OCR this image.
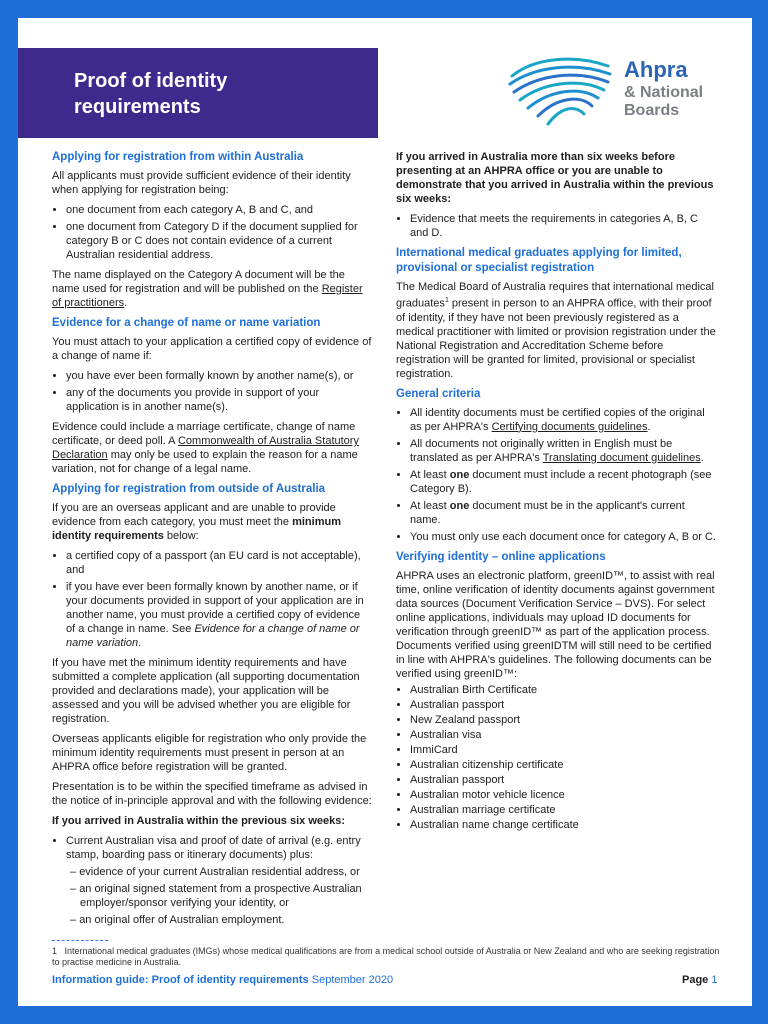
Proof of identity requirements
Ahpra
& National Boards
Applying for registration from within Australia

All applicants must provide sufficient evidence of their identity when applying for registration being:

• one document from each category A, B and C, and
• one document from Category D if the document supplied for category B or C does not contain evidence of a current Australian residential address.

The name displayed on the Category A document will be the name used for registration and will be published on the Register of practitioners.

Evidence for a change of name or name variation

You must attach to your application a certified copy of evidence of a change of name if:

• you have ever been formally known by another name(s), or
• any of the documents you provide in support of your application is in another name(s).

Evidence could include a marriage certificate, change of name certificate, or deed poll. A Commonwealth of Australia Statutory Declaration may only be used to explain the reason for a name variation, not for change of a legal name.

Applying for registration from outside of Australia

If you are an overseas applicant and are unable to provide evidence from each category, you must meet the minimum identity requirements below:

• a certified copy of a passport (an EU card is not acceptable), and
• if you have ever been formally known by another name, or if your documents provided in support of your application are in another name, you must provide a certified copy of evidence of a change in name. See Evidence for a change of name or name variation.

If you have met the minimum identity requirements and have submitted a complete application (all supporting documentation provided and declarations made), your application will be assessed and you will be advised whether you are eligible for registration.

Overseas applicants eligible for registration who only provide the minimum identity requirements must present in person at an AHPRA office before registration will be granted.

Presentation is to be within the specified timeframe as advised in the notice of in-principle approval and with the following evidence:

If you arrived in Australia within the previous six weeks:

• Current Australian visa and proof of date of arrival (e.g. entry stamp, boarding pass or itinerary documents) plus:
– evidence of your current Australian residential address, or
– an original signed statement from a prospective Australian employer/sponsor verifying your identity, or
– an original offer of Australian employment.

If you arrived in Australia more than six weeks before presenting at an AHPRA office or you are unable to demonstrate that you arrived in Australia within the previous six weeks:

• Evidence that meets the requirements in categories A, B, C and D.
International medical graduates applying for limited, provisional or specialist registration

The Medical Board of Australia requires that international medical graduates$^1$ present in person to an AHPRA office, with their proof of identity, if they have not been previously registered as a medical practitioner with limited or provision registration under the National Registration and Accreditation Scheme before registration will be granted for limited, provisional or specialist registration.

General criteria
• All identity documents must be certified copies of the original as per AHPRA's Certifying documents guidelines.
• All documents not originally written in English must be translated as per AHPRA's Translating document guidelines.
• At least one document must include a recent photograph (see Category B).
• At least one document must be in the applicant's current name.
• You must only use each document once for category A, B or C.
Verifying identity – online applications

AHPRA uses an electronic platform, greenID™, to assist with real time, online verification of identity documents against government data sources (Document Verification Service – DVS). For select online applications, individuals may upload ID documents for verification through greenID™ as part of the application process. Documents verified using greenIDTM will still need to be certified in line with AHPRA's guidelines. The following documents can be verified using greenID™:

• Australian Birth Certificate
• Australian passport
• New Zealand passport
• Australian visa
• ImmiCard
• Australian citizenship certificate
• Australian passport
• Australian motor vehicle licence
• Australian marriage certificate
• Australian name change certificate
1 International medical graduates (IMGs) whose medical qualifications are from a medical school outside of Australia or New Zealand and who are seeking registration to practise medicine in Australia.
Information guide: Proof of identity requirements September 2020	Page 1
